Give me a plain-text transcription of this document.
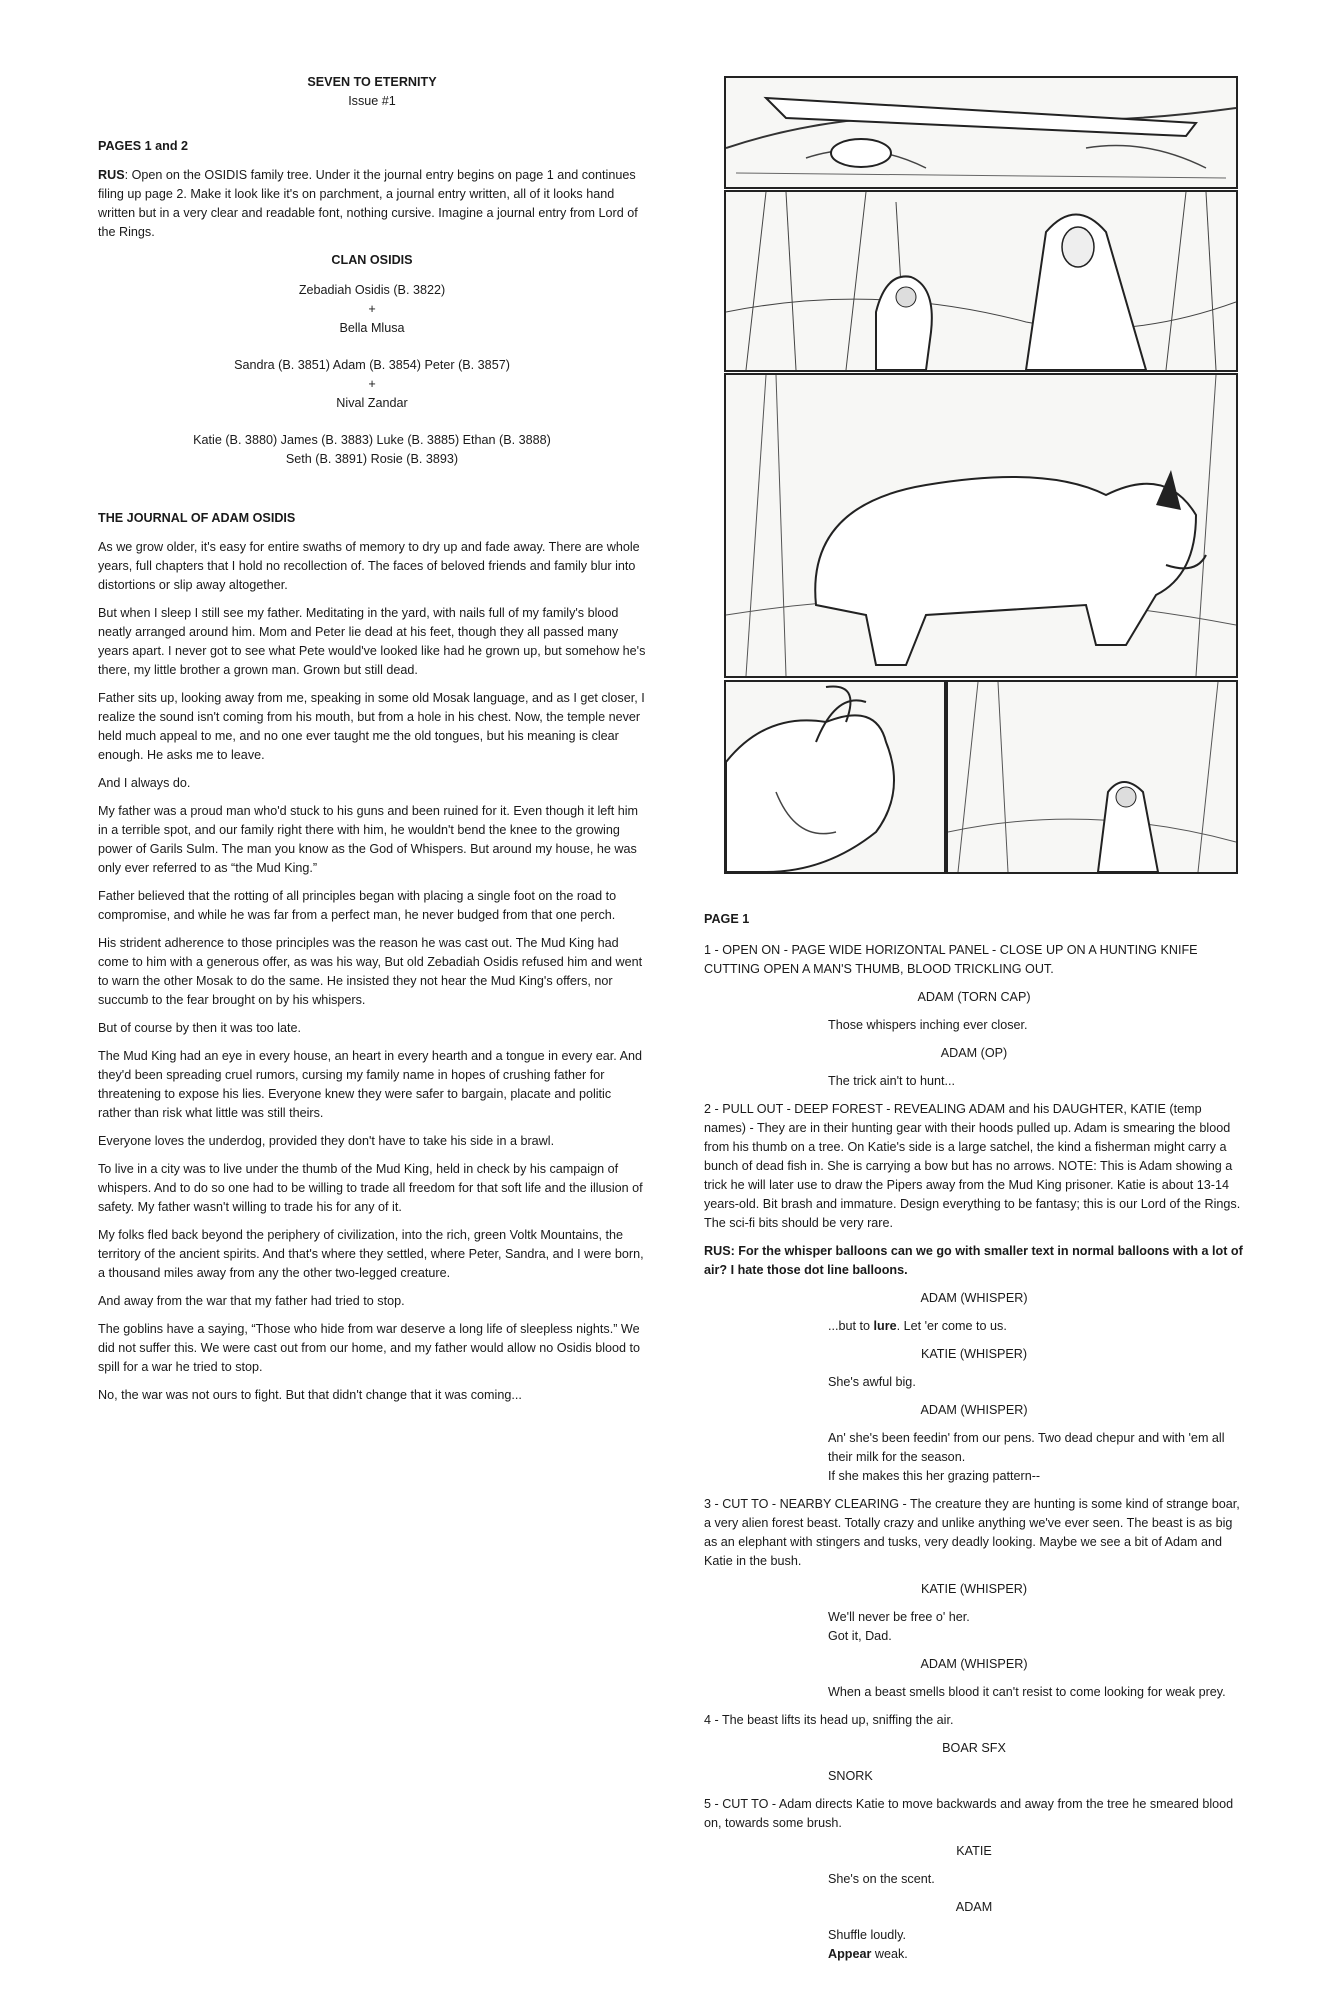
SEVEN TO ETERNITY
Issue #1
PAGES 1 and 2

RUS: Open on the OSIDIS family tree. Under it the journal entry begins on page 1 and continues filing up page 2. Make it look like it's on parchment, a journal entry written, all of it looks hand written but in a very clear and readable font, nothing cursive. Imagine a journal entry from Lord of the Rings.

CLAN OSIDIS

Zebadiah Osidis (B. 3822)

+

Bella Mlusa

Sandra (B. 3851) Adam (B. 3854) Peter (B. 3857)

+

Nival Zandar

Katie (B. 3880) James (B. 3883) Luke (B. 3885) Ethan (B. 3888)

Seth (B. 3891) Rosie (B. 3893)

THE JOURNAL OF ADAM OSIDIS

As we grow older, it's easy for entire swaths of memory to dry up and fade away. There are whole years, full chapters that I hold no recollection of. The faces of beloved friends and family blur into distortions or slip away altogether.

But when I sleep I still see my father. Meditating in the yard, with nails full of my family's blood neatly arranged around him. Mom and Peter lie dead at his feet, though they all passed many years apart. I never got to see what Pete would've looked like had he grown up, but somehow he's there, my little brother a grown man. Grown but still dead.

Father sits up, looking away from me, speaking in some old Mosak language, and as I get closer, I realize the sound isn't coming from his mouth, but from a hole in his chest. Now, the temple never held much appeal to me, and no one ever taught me the old tongues, but his meaning is clear enough. He asks me to leave.

And I always do.

My father was a proud man who'd stuck to his guns and been ruined for it. Even though it left him in a terrible spot, and our family right there with him, he wouldn't bend the knee to the growing power of Garils Sulm. The man you know as the God of Whispers. But around my house, he was only ever referred to as “the Mud King.”

Father believed that the rotting of all principles began with placing a single foot on the road to compromise, and while he was far from a perfect man, he never budged from that one perch.

His strident adherence to those principles was the reason he was cast out. The Mud King had come to him with a generous offer, as was his way, But old Zebadiah Osidis refused him and went to warn the other Mosak to do the same. He insisted they not hear the Mud King's offers, nor succumb to the fear brought on by his whispers.

But of course by then it was too late.

The Mud King had an eye in every house, an heart in every hearth and a tongue in every ear. And they'd been spreading cruel rumors, cursing my family name in hopes of crushing father for threatening to expose his lies. Everyone knew they were safer to bargain, placate and politic rather than risk what little was still theirs.

Everyone loves the underdog, provided they don't have to take his side in a brawl.

To live in a city was to live under the thumb of the Mud King, held in check by his campaign of whispers. And to do so one had to be willing to trade all freedom for that soft life and the illusion of safety. My father wasn't willing to trade his for any of it.

My folks fled back beyond the periphery of civilization, into the rich, green Voltk Mountains, the territory of the ancient spirits. And that's where they settled, where Peter, Sandra, and I were born, a thousand miles away from any the other two-legged creature.

And away from the war that my father had tried to stop.

The goblins have a saying, “Those who hide from war deserve a long life of sleepless nights.” We did not suffer this. We were cast out from our home, and my father would allow no Osidis blood to spill for a war he tried to stop.

No, the war was not ours to fight. But that didn't change that it was coming...

PAGE 1

1 - OPEN ON - PAGE WIDE HORIZONTAL PANEL - CLOSE UP ON A HUNTING KNIFE CUTTING OPEN A MAN'S THUMB, BLOOD TRICKLING OUT.

ADAM (TORN CAP)

Those whispers inching ever closer.

ADAM (OP)

The trick ain't to hunt...

2 - PULL OUT - DEEP FOREST - REVEALING ADAM and his DAUGHTER, KATIE (temp names) - They are in their hunting gear with their hoods pulled up. Adam is smearing the blood from his thumb on a tree. On Katie's side is a large satchel, the kind a fisherman might carry a bunch of dead fish in. She is carrying a bow but has no arrows. NOTE: This is Adam showing a trick he will later use to draw the Pipers away from the Mud King prisoner. Katie is about 13-14 years-old. Bit brash and immature. Design everything to be fantasy; this is our Lord of the Rings. The sci-fi bits should be very rare.

RUS: For the whisper balloons can we go with smaller text in normal balloons with a lot of air? I hate those dot line balloons.

ADAM (WHISPER)

...but to lure. Let 'er come to us.

KATIE (WHISPER)

She's awful big.

ADAM (WHISPER)

An' she's been feedin' from our pens. Two dead chepur and with 'em all their milk for the season.
If she makes this her grazing pattern--

3 - CUT TO - NEARBY CLEARING - The creature they are hunting is some kind of strange boar, a very alien forest beast. Totally crazy and unlike anything we've ever seen. The beast is as big as an elephant with stingers and tusks, very deadly looking. Maybe we see a bit of Adam and Katie in the bush.

KATIE (WHISPER)

We'll never be free o' her.
Got it, Dad.

ADAM (WHISPER)

When a beast smells blood it can't resist to come looking for weak prey.

4 - The beast lifts its head up, sniffing the air.

BOAR SFX

SNORK

5 - CUT TO - Adam directs Katie to move backwards and away from the tree he smeared blood on, towards some brush.

KATIE

She's on the scent.

ADAM

Shuffle loudly.
Appear weak.
